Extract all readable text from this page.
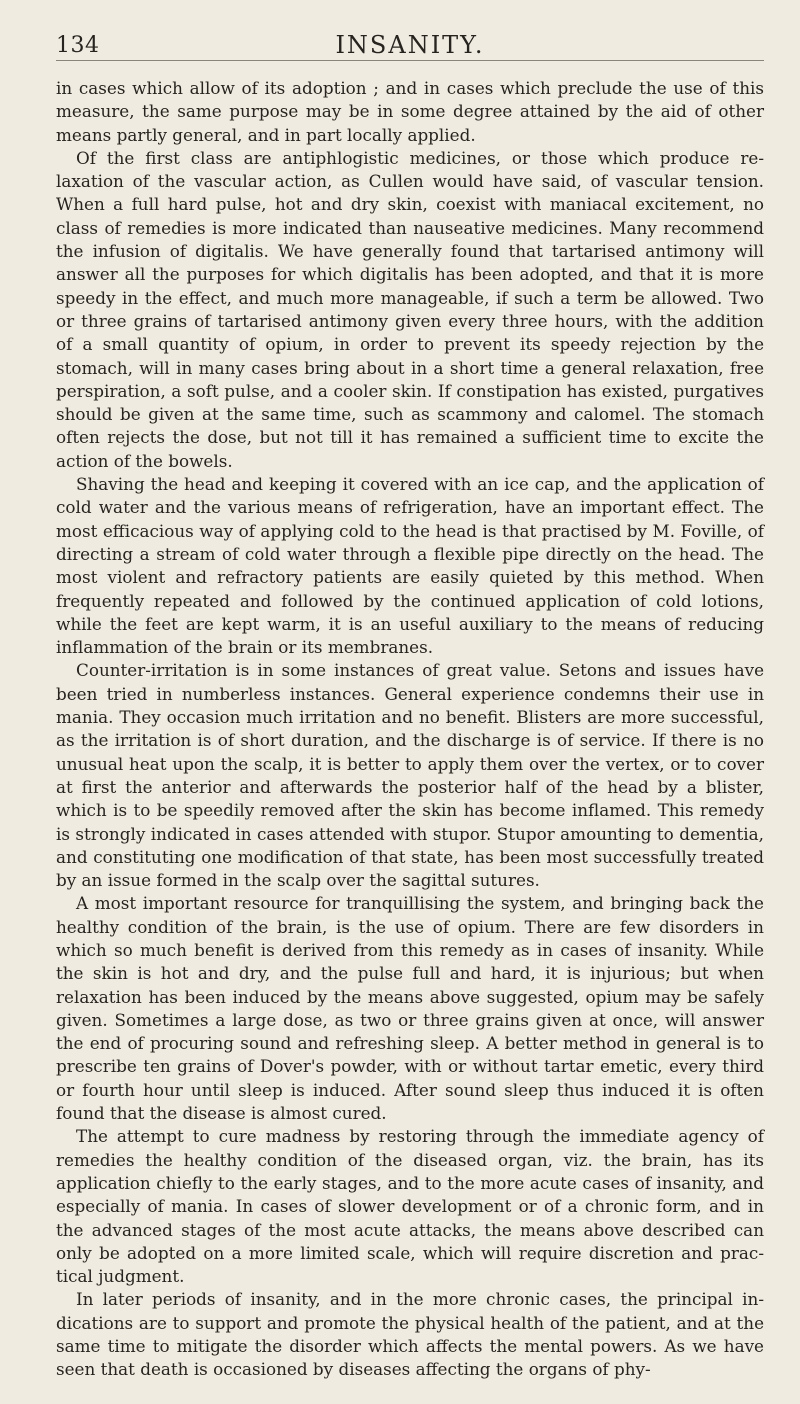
134	INSANITY.

in cases which allow of its adoption ; and in cases which preclude the use of this measure, the same purpose may be in some degree attained by the aid of other means partly general, and in part locally applied.

Of the first class are antiphlogistic medicines, or those which produce relaxation of the vascular action, as Cullen would have said, of vascular tension. When a full hard pulse, hot and dry skin, coexist with maniacal excitement, no class of remedies is more indicated than nauseative medicines. Many recommend the infusion of digitalis. We have generally found that tartarised antimony will answer all the purposes for which digitalis has been adopted, and that it is more speedy in the effect, and much more manageable, if such a term be allowed. Two or three grains of tartarised antimony given every three hours, with the addition of a small quantity of opium, in order to prevent its speedy rejection by the stomach, will in many cases bring about in a short time a general relaxation, free perspiration, a soft pulse, and a cooler skin. If constipation has existed, purgatives should be given at the same time, such as scammony and calomel. The stomach often rejects the dose, but not till it has remained a sufficient time to excite the action of the bowels.

Shaving the head and keeping it covered with an ice cap, and the application of cold water and the various means of refrigeration, have an important effect. The most efficacious way of applying cold to the head is that practised by M. Foville, of directing a stream of cold water through a flexible pipe directly on the head. The most violent and refractory patients are easily quieted by this method. When frequently repeated and followed by the continued application of cold lotions, while the feet are kept warm, it is an useful auxiliary to the means of reducing inflammation of the brain or its membranes.

Counter-irritation is in some instances of great value. Setons and issues have been tried in numberless instances. General experience condemns their use in mania. They occasion much irritation and no benefit. Blisters are more successful, as the irritation is of short duration, and the discharge is of service. If there is no unusual heat upon the scalp, it is better to apply them over the vertex, or to cover at first the anterior and afterwards the posterior half of the head by a blister, which is to be speedily removed after the skin has become inflamed. This remedy is strongly indicated in cases attended with stupor. Stupor amounting to dementia, and constituting one modification of that state, has been most successfully treated by an issue formed in the scalp over the sagittal sutures.

A most important resource for tranquillising the system, and bringing back the healthy condition of the brain, is the use of opium. There are few disorders in which so much benefit is derived from this remedy as in cases of insanity. While the skin is hot and dry, and the pulse full and hard, it is injurious; but when relaxation has been induced by the means above suggested, opium may be safely given. Sometimes a large dose, as two or three grains given at once, will answer the end of procuring sound and refreshing sleep. A better method in general is to prescribe ten grains of Dover's powder, with or without tartar emetic, every third or fourth hour until sleep is induced. After sound sleep thus induced it is often found that the disease is almost cured.

The attempt to cure madness by restoring through the immediate agency of remedies the healthy condition of the diseased organ, viz. the brain, has its application chiefly to the early stages, and to the more acute cases of insanity, and especially of mania. In cases of slower development or of a chronic form, and in the advanced stages of the most acute attacks, the means above described can only be adopted on a more limited scale, which will require discretion and practical judgment.

In later periods of insanity, and in the more chronic cases, the principal indications are to support and promote the physical health of the patient, and at the same time to mitigate the disorder which affects the mental powers. As we have seen that death is occasioned by diseases affecting the organs of phy-
